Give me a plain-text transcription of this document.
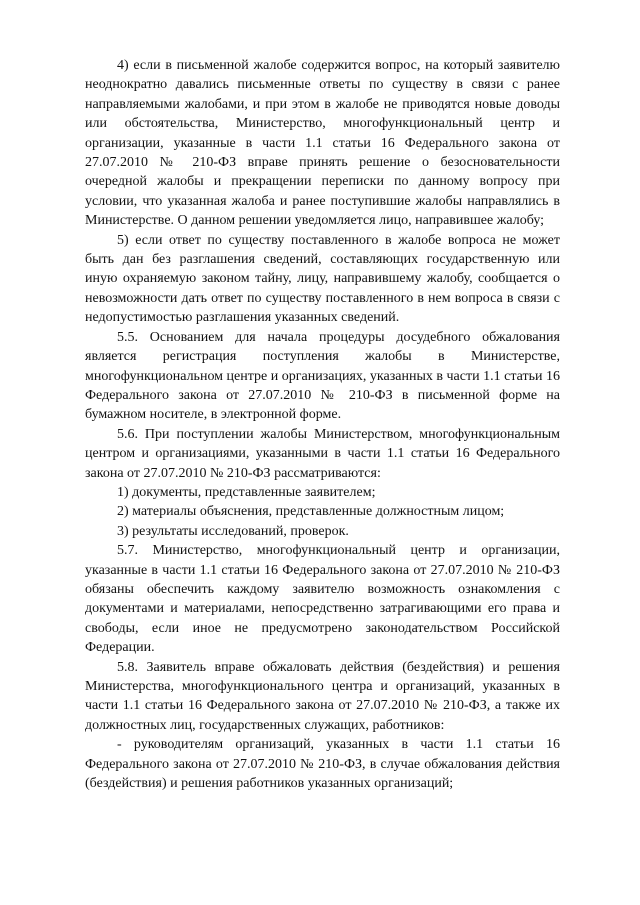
4) если в письменной жалобе содержится вопрос, на который заявителю неоднократно давались письменные ответы по существу в связи с ранее направляемыми жалобами, и при этом в жалобе не приводятся новые доводы или обстоятельства, Министерство, многофункциональный центр и организации, указанные в части 1.1 статьи 16 Федерального закона от 27.07.2010 № 210-ФЗ вправе принять решение о безосновательности очередной жалобы и прекращении переписки по данному вопросу при условии, что указанная жалоба и ранее поступившие жалобы направлялись в Министерстве. О данном решении уведомляется лицо, направившее жалобу;

5) если ответ по существу поставленного в жалобе вопроса не может быть дан без разглашения сведений, составляющих государственную или иную охраняемую законом тайну, лицу, направившему жалобу, сообщается о невозможности дать ответ по существу поставленного в нем вопроса в связи с недопустимостью разглашения указанных сведений.

5.5. Основанием для начала процедуры досудебного обжалования является регистрация поступления жалобы в Министерстве, многофункциональном центре и организациях, указанных в части 1.1 статьи 16 Федерального закона от 27.07.2010 № 210-ФЗ в письменной форме на бумажном носителе, в электронной форме.

5.6. При поступлении жалобы Министерством, многофункциональным центром и организациями, указанными в части 1.1 статьи 16 Федерального закона от 27.07.2010 № 210-ФЗ рассматриваются:

1) документы, представленные заявителем;

2) материалы объяснения, представленные должностным лицом;

3) результаты исследований, проверок.

5.7. Министерство, многофункциональный центр и организации, указанные в части 1.1 статьи 16 Федерального закона от 27.07.2010 № 210-ФЗ обязаны обеспечить каждому заявителю возможность ознакомления с документами и материалами, непосредственно затрагивающими его права и свободы, если иное не предусмотрено законодательством Российской Федерации.

5.8. Заявитель вправе обжаловать действия (бездействия) и решения Министерства, многофункционального центра и организаций, указанных в части 1.1 статьи 16 Федерального закона от 27.07.2010 № 210-ФЗ, а также их должностных лиц, государственных служащих, работников:

- руководителям организаций, указанных в части 1.1 статьи 16 Федерального закона от 27.07.2010 № 210-ФЗ, в случае обжалования действия (бездействия) и решения работников указанных организаций;
